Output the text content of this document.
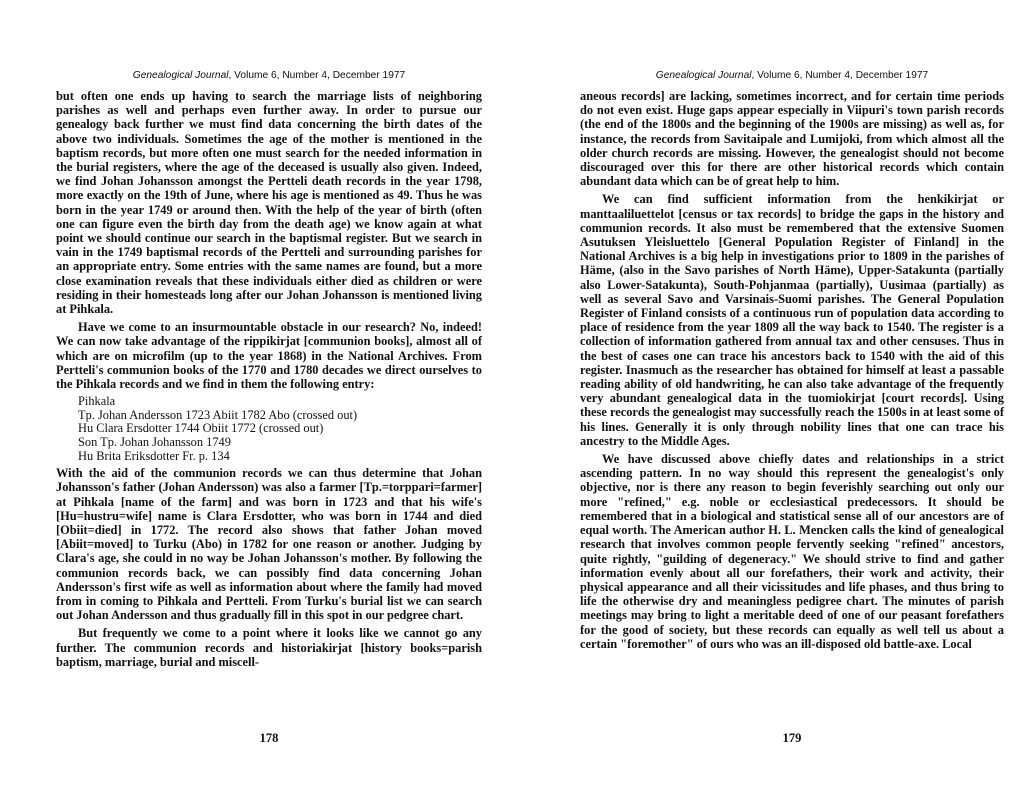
Genealogical Journal, Volume 6, Number 4, December 1977

but often one ends up having to search the marriage lists of neighboring parishes as well and perhaps even further away. In order to pursue our genealogy back further we must find data concerning the birth dates of the above two individuals. Sometimes the age of the mother is mentioned in the baptism records, but more often one must search for the needed information in the burial registers, where the age of the deceased is usually also given. Indeed, we find Johan Johansson amongst the Pertteli death records in the year 1798, more exactly on the 19th of June, where his age is mentioned as 49. Thus he was born in the year 1749 or around then. With the help of the year of birth (often one can figure even the birth day from the death age) we know again at what point we should continue our search in the baptismal register. But we search in vain in the 1749 baptismal records of the Pertteli and surrounding parishes for an appropriate entry. Some entries with the same names are found, but a more close examination reveals that these individuals either died as children or were residing in their homesteads long after our Johan Johansson is mentioned living at Pihkala.

Have we come to an insurmountable obstacle in our research? No, indeed! We can now take advantage of the rippikirjat [communion books], almost all of which are on microfilm (up to the year 1868) in the National Archives. From Pertteli's communion books of the 1770 and 1780 decades we direct ourselves to the Pihkala records and we find in them the following entry:

Pihkala
Tp. Johan Andersson 1723 Abiit 1782 Abo (crossed out)
Hu Clara Ersdotter 1744 Obiit 1772 (crossed out)
Son Tp. Johan Johansson 1749
Hu Brita Eriksdotter Fr. p. 134

With the aid of the communion records we can thus determine that Johan Johansson's father (Johan Andersson) was also a farmer [Tp.=torppari=farmer] at Pihkala [name of the farm] and was born in 1723 and that his wife's [Hu=hustru=wife] name is Clara Ersdotter, who was born in 1744 and died [Obiit=died] in 1772. The record also shows that father Johan moved [Abiit=moved] to Turku (Abo) in 1782 for one reason or another. Judging by Clara's age, she could in no way be Johan Johansson's mother. By following the communion records back, we can possibly find data concerning Johan Andersson's first wife as well as information about where the family had moved from in coming to Pihkala and Pertteli. From Turku's burial list we can search out Johan Andersson and thus gradually fill in this spot in our pedgree chart.

But frequently we come to a point where it looks like we cannot go any further. The communion records and historiakirjat [history books=parish baptism, marriage, burial and miscell-

178
Genealogical Journal, Volume 6, Number 4, December 1977

aneous records] are lacking, sometimes incorrect, and for certain time periods do not even exist. Huge gaps appear especially in Viipuri's town parish records (the end of the 1800s and the beginning of the 1900s are missing) as well as, for instance, the records from Savitaipale and Lumijoki, from which almost all the older church records are missing. However, the genealogist should not become discouraged over this for there are other historical records which contain abundant data which can be of great help to him.

We can find sufficient information from the henkikirjat or manttaaliluettelot [census or tax records] to bridge the gaps in the history and communion records. It also must be remembered that the extensive Suomen Asutuksen Yleisluettelo [General Population Register of Finland] in the National Archives is a big help in investigations prior to 1809 in the parishes of Häme, (also in the Savo parishes of North Häme), Upper-Satakunta (partially also Lower-Satakunta), South-Pohjanmaa (partially), Uusimaa (partially) as well as several Savo and Varsinais-Suomi parishes. The General Population Register of Finland consists of a continuous run of population data according to place of residence from the year 1809 all the way back to 1540. The register is a collection of information gathered from annual tax and other censuses. Thus in the best of cases one can trace his ancestors back to 1540 with the aid of this register. Inasmuch as the researcher has obtained for himself at least a passable reading ability of old handwriting, he can also take advantage of the frequently very abundant genealogical data in the tuomiokirjat [court records]. Using these records the genealogist may successfully reach the 1500s in at least some of his lines. Generally it is only through nobility lines that one can trace his ancestry to the Middle Ages.

We have discussed above chiefly dates and relationships in a strict ascending pattern. In no way should this represent the genealogist's only objective, nor is there any reason to begin feverishly searching out only our more "refined," e.g. noble or ecclesiastical predecessors. It should be remembered that in a biological and statistical sense all of our ancestors are of equal worth. The American author H. L. Mencken calls the kind of genealogical research that involves common people fervently seeking "refined" ancestors, quite rightly, "guilding of degeneracy." We should strive to find and gather information evenly about all our forefathers, their work and activity, their physical appearance and all their vicissitudes and life phases, and thus bring to life the otherwise dry and meaningless pedigree chart. The minutes of parish meetings may bring to light a meritable deed of one of our peasant forefathers for the good of society, but these records can equally as well tell us about a certain "foremother" of ours who was an ill-disposed old battle-axe. Local

179
